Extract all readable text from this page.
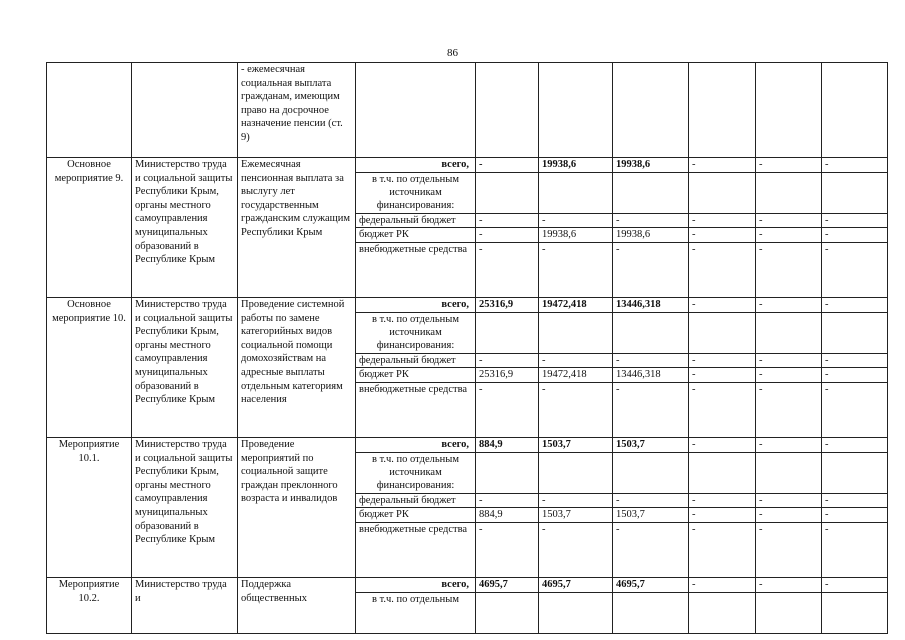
86
		- ежемесячная социальная выплата гражданам, имеющим право на досрочное назначение пенсии (ст. 9)							
Основное мероприятие 9.	Министерство труда и социальной защиты Республики Крым, органы местного самоуправления муниципальных образований в Республике Крым	Ежемесячная пенсионная выплата за выслугу лет государственным гражданским служащим Республики Крым	всего,	-	19938,6	19938,6	-	-	-
			в т.ч. по отдельным источникам финансирования:						
			федеральный бюджет	-	-	-	-	-	-
			бюджет РК	-	19938,6	19938,6	-	-	-
			внебюджетные средства	-	-	-	-	-	-
Основное мероприятие 10.	Министерство труда и социальной защиты Республики Крым, органы местного самоуправления муниципальных образований в Республике Крым	Проведение системной работы по замене категорийных видов социальной помощи домохозяйствам на адресные выплаты отдельным категориям населения	всего,	25316,9	19472,418	13446,318	-	-	-
			в т.ч. по отдельным источникам финансирования:						
			федеральный бюджет	-	-	-	-	-	-
			бюджет РК	25316,9	19472,418	13446,318	-	-	-
			внебюджетные средства	-	-	-	-	-	-
Мероприятие 10.1.	Министерство труда и социальной защиты Республики Крым, органы местного самоуправления муниципальных образований в Республике Крым	Проведение мероприятий по социальной защите граждан преклонного возраста и инвалидов	всего,	884,9	1503,7	1503,7	-	-	-
			в т.ч. по отдельным источникам финансирования:						
			федеральный бюджет	-	-	-	-	-	-
			бюджет РК	884,9	1503,7	1503,7	-	-	-
			внебюджетные средства	-	-	-	-	-	-
Мероприятие 10.2.	Министерство труда и	Поддержка общественных	всего,	4695,7	4695,7	4695,7	-	-	-
			в т.ч. по отдельным						
